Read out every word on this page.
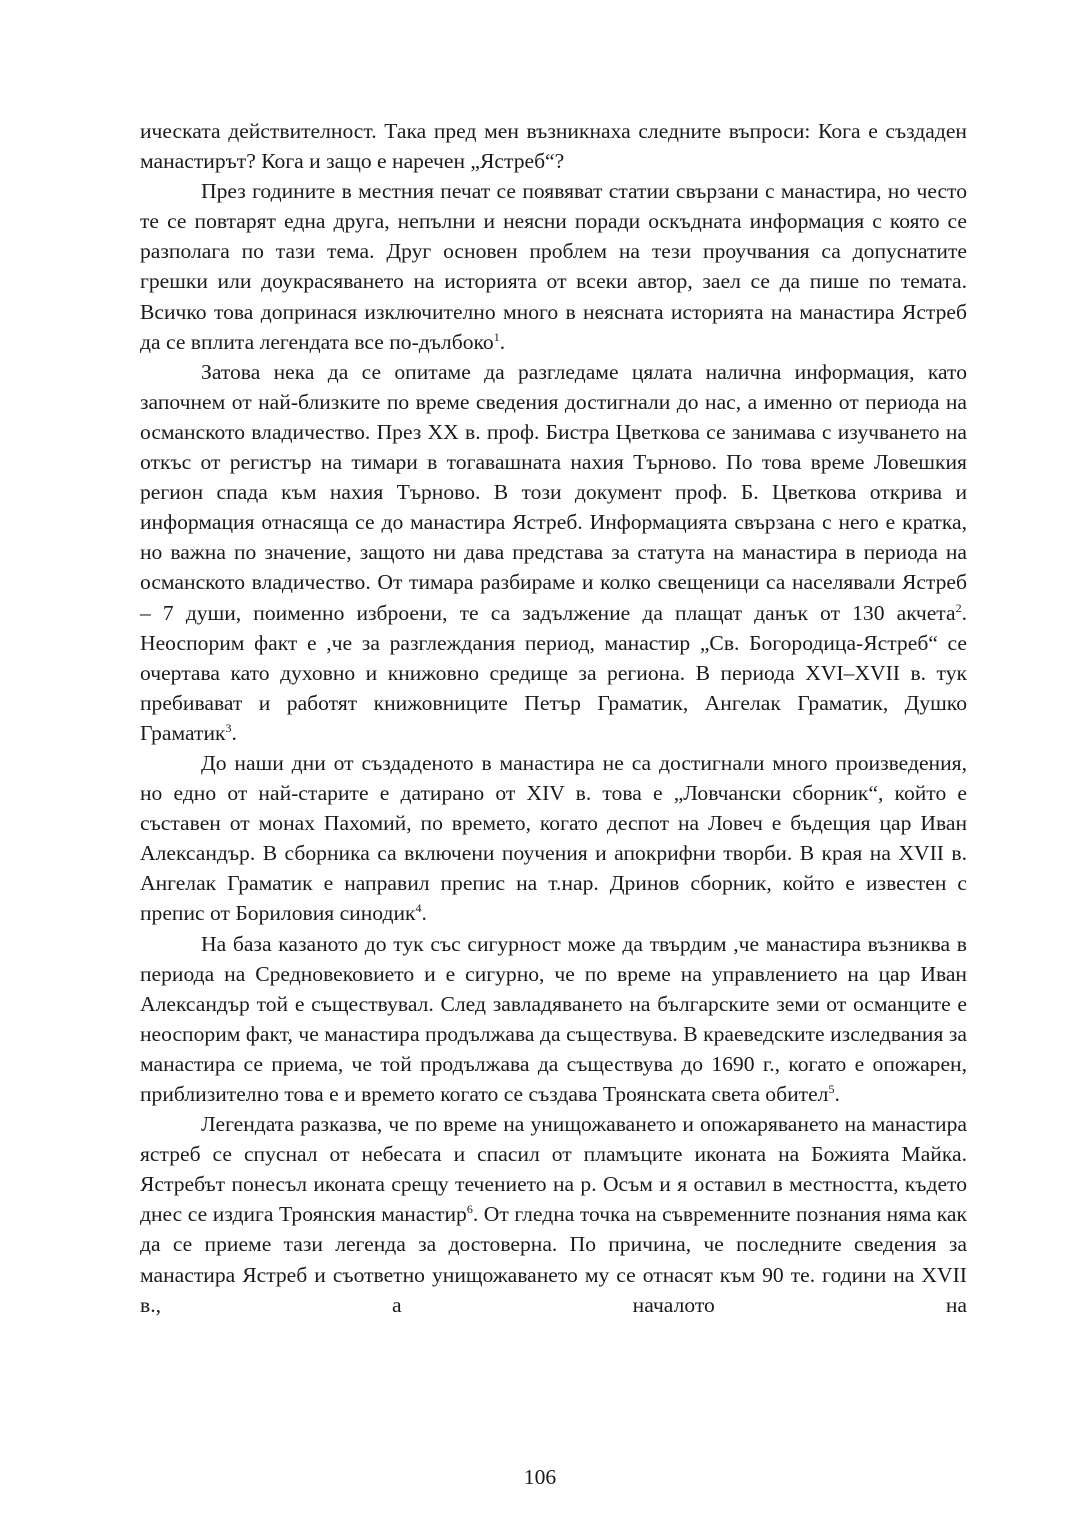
ическата действителност. Така пред мен възникнаха следните въпроси: Кога е създаден манастирът? Кога и защо е наречен „Ястреб“?

През годините в местния печат се появяват статии свързани с манастира, но често те се повтарят една друга, непълни и неясни поради оскъдната информация с която се разполага по тази тема. Друг основен проблем на тези проучвания са допуснатите грешки или доукрасяването на историята от всеки автор, заел се да пише по темата. Всичко това допринася изключително много в неясната историята на манастира Ястреб да се вплита легендата все по-дълбоко$^1$.

Затова нека да се опитаме да разгледаме цялата налична информация, като започнем от най-близките по време сведения достигнали до нас, а именно от периода на османското владичество. През XX в. проф. Бистра Цветкова се занимава с изучването на откъс от регистър на тимари в тогавашната нахия Търново. По това време Ловешкия регион спада към нахия Търново. В този документ проф. Б. Цветкова открива и информация отнасяща се до манастира Ястреб. Информацията свързана с него е кратка, но важна по значение, защото ни дава представа за статута на манастира в периода на османското владичество. От тимара разбираме и колко свещеници са населявали Ястреб – 7 души, поименно изброени, те са задължение да плащат данък от 130 акчета$^2$. Неоспорим факт е ,че за разглеждания период, манастир „Св. Богородица-Ястреб“ се очертава като духовно и книжовно средище за региона. В периода XVI–XVII в. тук пребивават и работят книжовниците Петър Граматик, Ангелак Граматик, Душко Граматик$^3$.

До наши дни от създаденото в манастира не са достигнали много произведения, но едно от най-старите е датирано от XIV в. това е „Ловчански сборник“, който е съставен от монах Пахомий, по времето, когато деспот на Ловеч е бъдещия цар Иван Александър. В сборника са включени поучения и апокрифни творби. В края на XVII в. Ангелак Граматик е направил препис на т.нар. Дринов сборник, който е известен с препис от Бориловия синодик$^4$.

На база казаното до тук със сигурност може да твърдим ,че манастира възниква в периода на Средновековието и е сигурно, че по време на управлението на цар Иван Александър той е съществувал. След завладяването на българските земи от османците е неоспорим факт, че манастира продължава да съществува. В краеведските изследвания за манастира се приема, че той продължава да съществува до 1690 г., когато е опожарен, приблизително това е и времето когато се създава Троянската света обител$^5$.

Легендата разказва, че по време на унищожаването и опожаряването на манастира ястреб се спуснал от небесата и спасил от пламъците иконата на Божията Майка. Ястребът понесъл иконата срещу течението на р. Осъм и я оставил в местността, където днес се издига Троянския манастир$^6$. От гледна точка на съвременните познания няма как да се приеме тази легенда за достоверна. По причина, че последните сведения за манастира Ястреб и съответно унищожаването му се отнасят към 90 те. години на XVII в., а началото на

106
